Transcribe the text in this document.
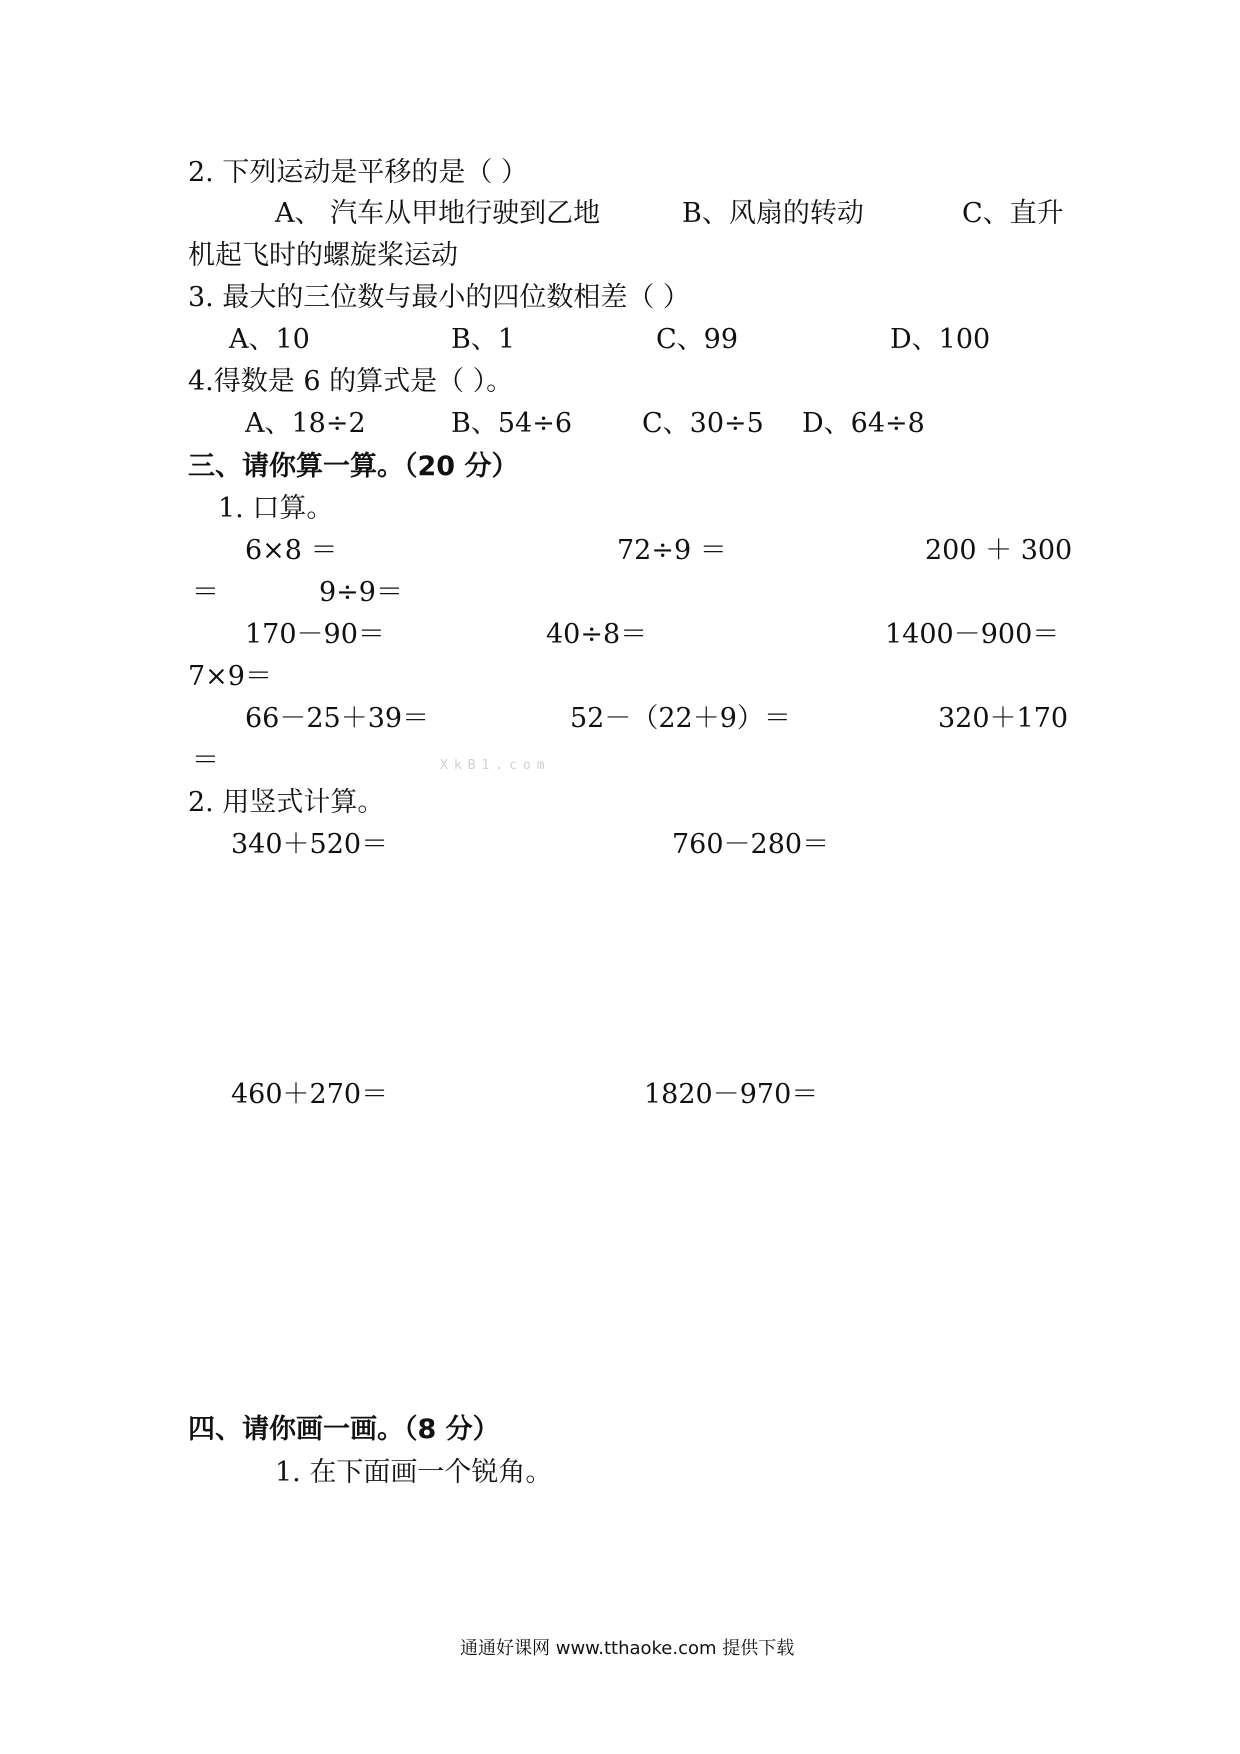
2. 下列运动是平移的是（ ）
A、 汽车从甲地行驶到乙地	B、风扇的转动	C、直升
机起飞时的螺旋桨运动
3. 最大的三位数与最小的四位数相差（ ）
A、10	B、1	C、99	D、100
4.得数是 6 的算式是（ ）。
A、18÷2	B、54÷6	C、30÷5 D、64÷8
三、请你算一算。（20 分）
1. 口算。
6×8 ＝	72÷9 ＝	200 ＋ 300
＝	9÷9＝
170－90＝	40÷8＝	1400－900＝
7×9＝
66－25＋39＝	52－（22＋9）＝	320＋170
＝	XkB1.com
2. 用竖式计算。
340＋520＝	760－280＝
460＋270＝	1820－970＝
四、请你画一画。（8 分）
1. 在下面画一个锐角。
通通好课网 www.tthaoke.com 提供下载
